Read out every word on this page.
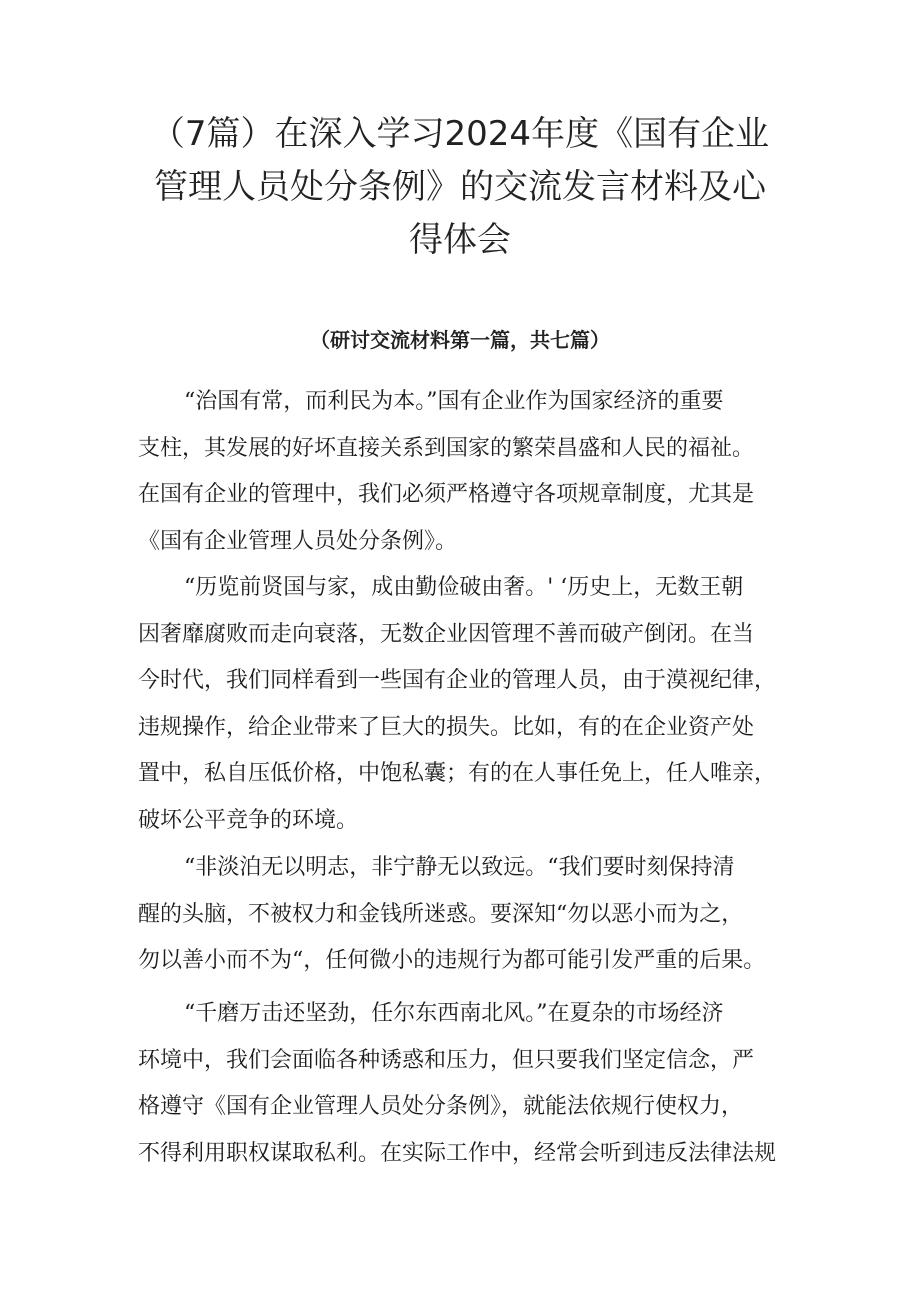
（7篇）在深入学习2024年度《国有企业
管理人员处分条例》的交流发言材料及心
得体会

（研讨交流材料第一篇，共七篇）

“治国有常，而利民为本。”国有企业作为国家经济的重要
支柱，其发展的好坏直接关系到国家的繁荣昌盛和人民的福祉。
在国有企业的管理中，我们必须严格遵守各项规章制度，尤其是
《国有企业管理人员处分条例》。
“历览前贤国与家，成由勤俭破由奢。' ‘历史上，无数王朝
因奢靡腐败而走向衰落，无数企业因管理不善而破产倒闭。在当
今时代，我们同样看到一些国有企业的管理人员，由于漠视纪律，
违规操作，给企业带来了巨大的损失。比如，有的在企业资产处
置中，私自压低价格，中饱私囊；有的在人事任免上，任人唯亲，
破坏公平竞争的环境。
“非淡泊无以明志，非宁静无以致远。“我们要时刻保持清
醒的头脑，不被权力和金钱所迷惑。要深知“勿以恶小而为之，
勿以善小而不为“，任何微小的违规行为都可能引发严重的后果。
“千磨万击还坚劲，任尔东西南北风。”在夏杂的市场经济
环境中，我们会面临各种诱惑和压力，但只要我们坚定信念，严
格遵守《国有企业管理人员处分条例》，就能法依规行使权力，
不得利用职权谋取私利。在实际工作中，经常会听到违反法律法规
